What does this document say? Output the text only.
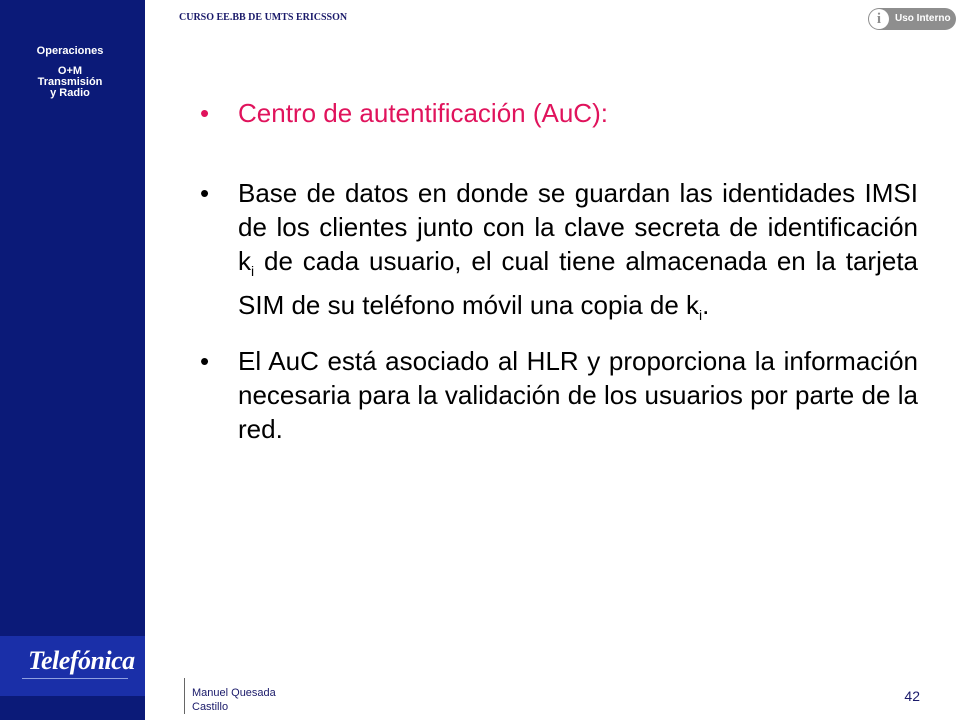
Operaciones
O+M
Transmisión
y Radio
Telefónica
CURSO EE.BB DE UMTS ERICSSON	i	Uso Interno
•	Centro de autentificación (AuC):
•	Base de datos en donde se guardan las identidades IMSI de los clientes junto con la clave secreta de identificación $k_i$ de cada usuario, el cual tiene almacenada en la tarjeta SIM de su teléfono móvil una copia de $k_i$.
•	El AuC está asociado al HLR y proporciona la información necesaria para la validación de los usuarios por parte de la red.
Manuel Quesada
Castillo
42
